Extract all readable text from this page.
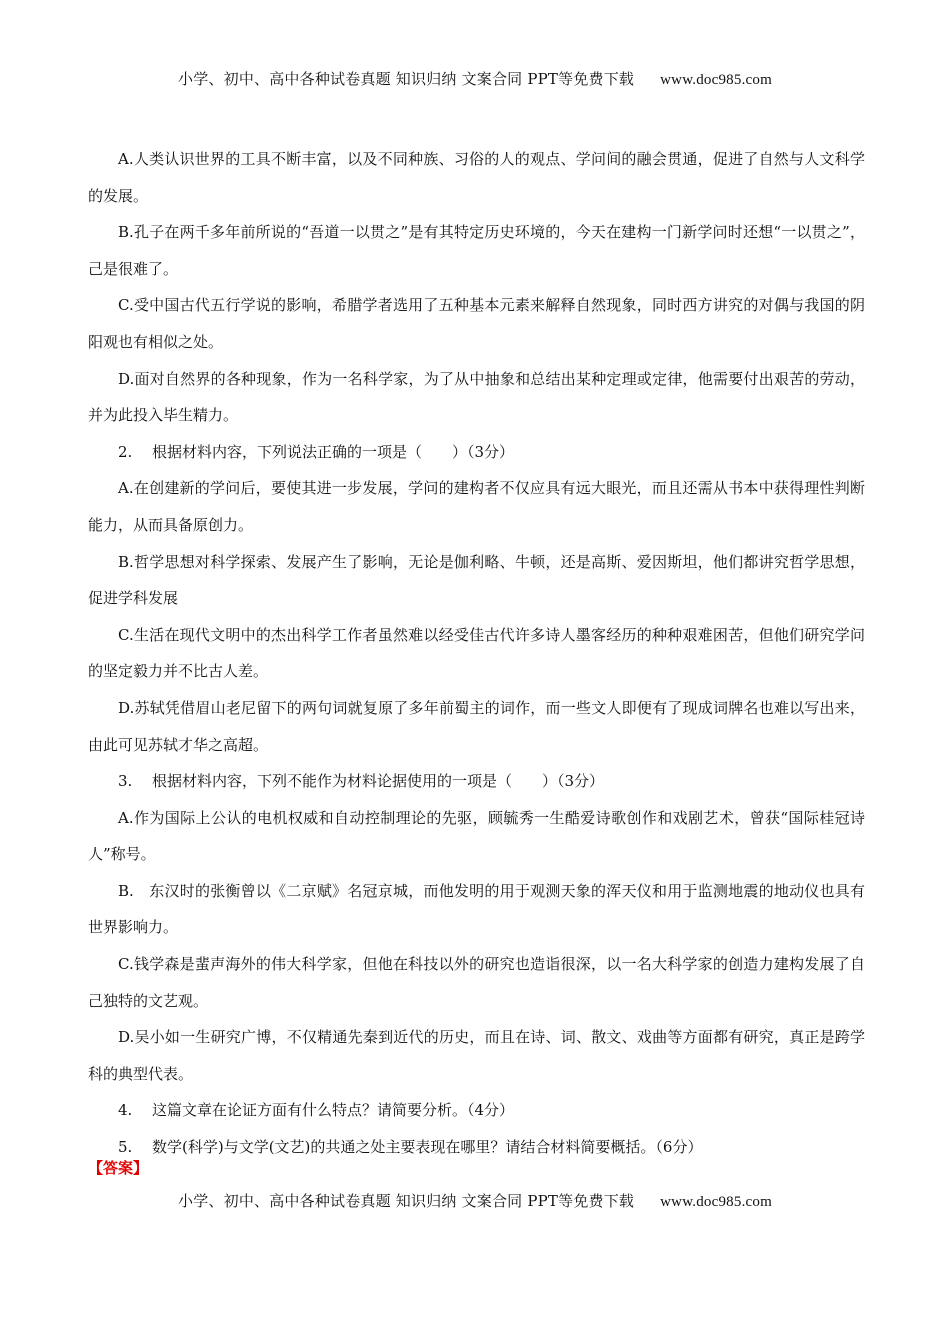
小学、初中、高中各种试卷真题 知识归纳 文案合同 PPT等免费下载 www.doc985.com

A.人类认识世界的工具不断丰富，以及不同种族、习俗的人的观点、学问间的融会贯通，促进了自然与人文科学的发展。

B.孔子在两千多年前所说的“吾道一以贯之”是有其特定历史环境的，今天在建构一门新学问时还想“一以贯之”，己是很难了。

C.受中国古代五行学说的影响，希腊学者选用了五种基本元素来解释自然现象，同时西方讲究的对偶与我国的阴阳观也有相似之处。

D.面对自然界的各种现象，作为一名科学家，为了从中抽象和总结出某种定理或定律，他需要付出艰苦的劳动，并为此投入毕生精力。

2. 根据材料内容，下列说法正确的一项是（　　）（3分）

A.在创建新的学问后，要使其进一步发展，学问的建构者不仅应具有远大眼光，而且还需从书本中获得理性判断能力，从而具备原创力。

B.哲学思想对科学探索、发展产生了影响，无论是伽利略、牛顿，还是高斯、爱因斯坦，他们都讲究哲学思想，促进学科发展

C.生活在现代文明中的杰出科学工作者虽然难以经受佳古代许多诗人墨客经历的种种艰难困苦，但他们研究学问的坚定毅力并不比古人差。

D.苏轼凭借眉山老尼留下的两句词就复原了多年前蜀主的词作，而一些文人即便有了现成词牌名也难以写出来，由此可见苏轼才华之高超。

3. 根据材料内容，下列不能作为材料论据使用的一项是（　　）（3分）

A.作为国际上公认的电机权威和自动控制理论的先驱，顾毓秀一生酷爱诗歌创作和戏剧艺术，曾获“国际桂冠诗人”称号。

B.　东汉时的张衡曾以《二京赋》名冠京城，而他发明的用于观测天象的浑天仪和用于监测地震的地动仪也具有世界影响力。

C.钱学森是蜚声海外的伟大科学家，但他在科技以外的研究也造诣很深，以一名大科学家的创造力建构发展了自己独特的文艺观。

D.吴小如一生研究广博，不仅精通先秦到近代的历史，而且在诗、词、散文、戏曲等方面都有研究，真正是跨学科的典型代表。

4. 这篇文章在论证方面有什么特点？请简要分析。（4分）

5. 数学(科学)与文学(文艺)的共通之处主要表现在哪里？请结合材料简要概括。（6分）

【答案】

小学、初中、高中各种试卷真题 知识归纳 文案合同 PPT等免费下载 www.doc985.com
